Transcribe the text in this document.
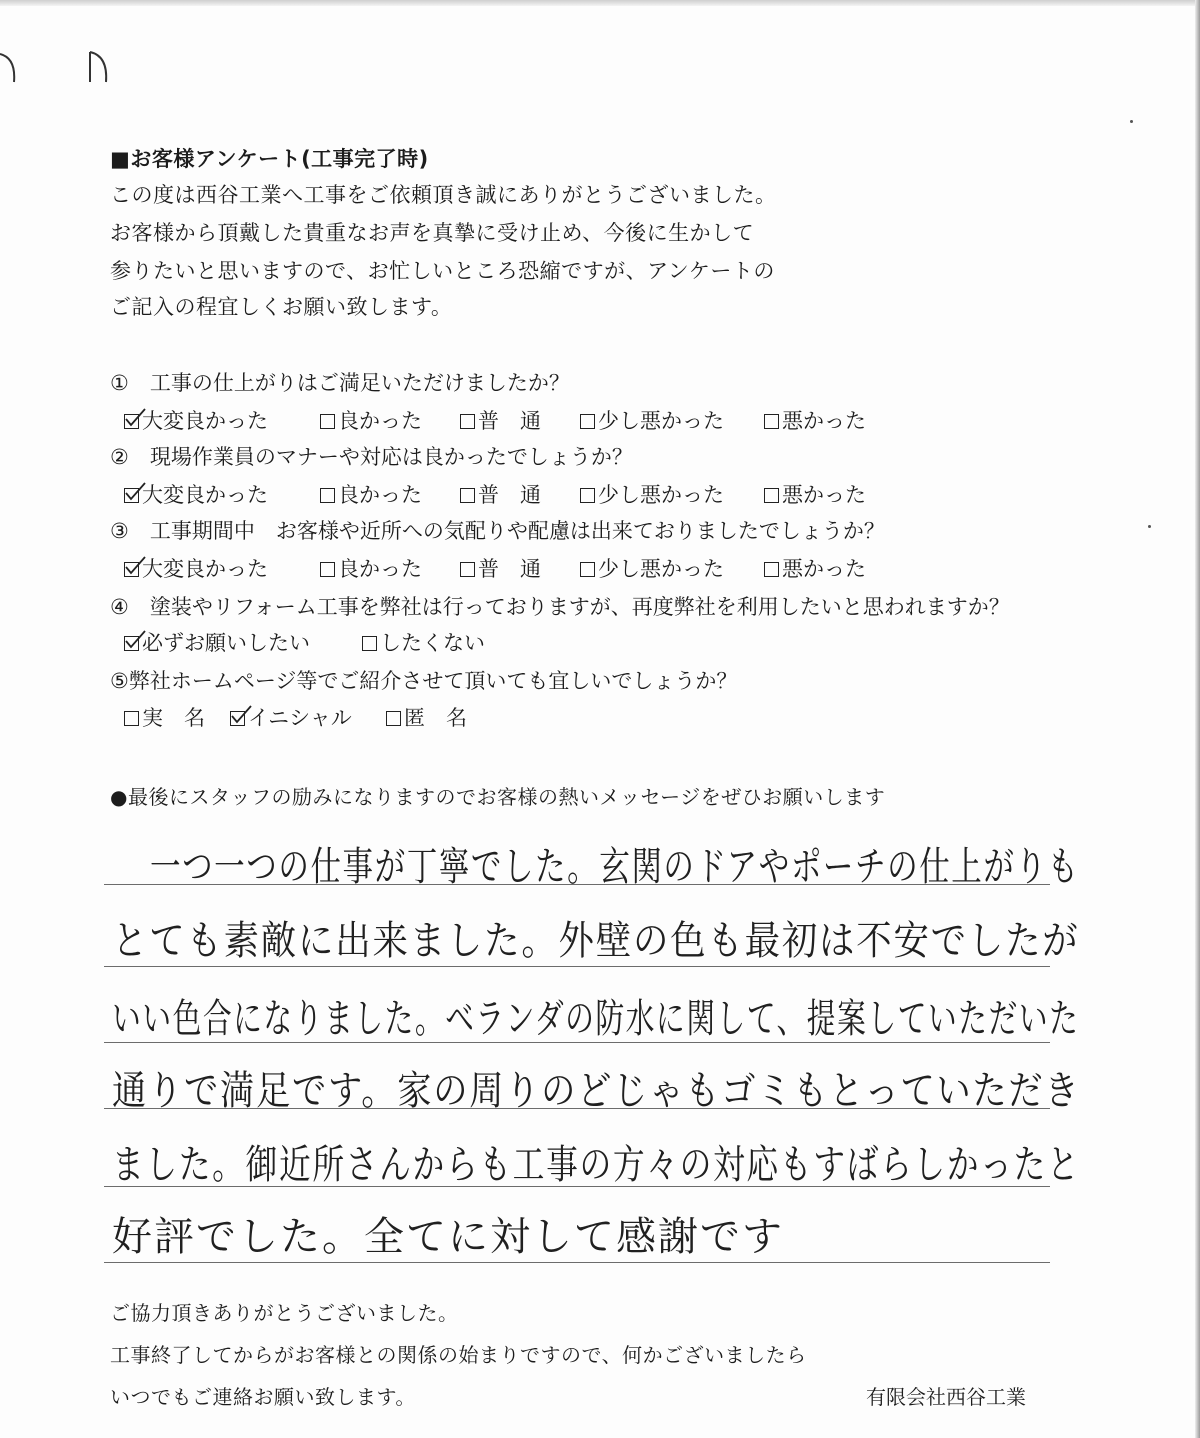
■お客様アンケート(工事完了時)
この度は西谷工業へ工事をご依頼頂き誠にありがとうございました。
お客様から頂戴した貴重なお声を真摯に受け止め、今後に生かして
参りたいと思いますので、お忙しいところ恐縮ですが、アンケートの
ご記入の程宜しくお願い致します。
①　工事の仕上がりはご満足いただけましたか？
大変良かった	良かった	普　通	少し悪かった	悪かった
②　現場作業員のマナーや対応は良かったでしょうか？
大変良かった	良かった	普　通	少し悪かった	悪かった
③　工事期間中　お客様や近所への気配りや配慮は出来ておりましたでしょうか？
大変良かった	良かった	普　通	少し悪かった	悪かった
④　塗装やリフォーム工事を弊社は行っておりますが、再度弊社を利用したいと思われますか？
必ずお願いしたい	したくない
⑤弊社ホームページ等でご紹介させて頂いても宜しいでしょうか？
実　名 イニシャル 匿　名
●最後にスタッフの励みになりますのでお客様の熱いメッセージをぜひお願いします
一つ一つの仕事が丁寧でした。玄関のドアやポーチの仕上がりも
とても素敵に出来ました。外壁の色も最初は不安でしたが
いい色合になりました。ベランダの防水に関して、提案していただいた
通りで満足です。家の周りのどじゃもゴミもとっていただき
ました。御近所さんからも工事の方々の対応もすばらしかったと
好評でした。全てに対して感謝です
ご協力頂きありがとうございました。
工事終了してからがお客様との関係の始まりですので、何かございましたら
いつでもご連絡お願い致します。	有限会社西谷工業
